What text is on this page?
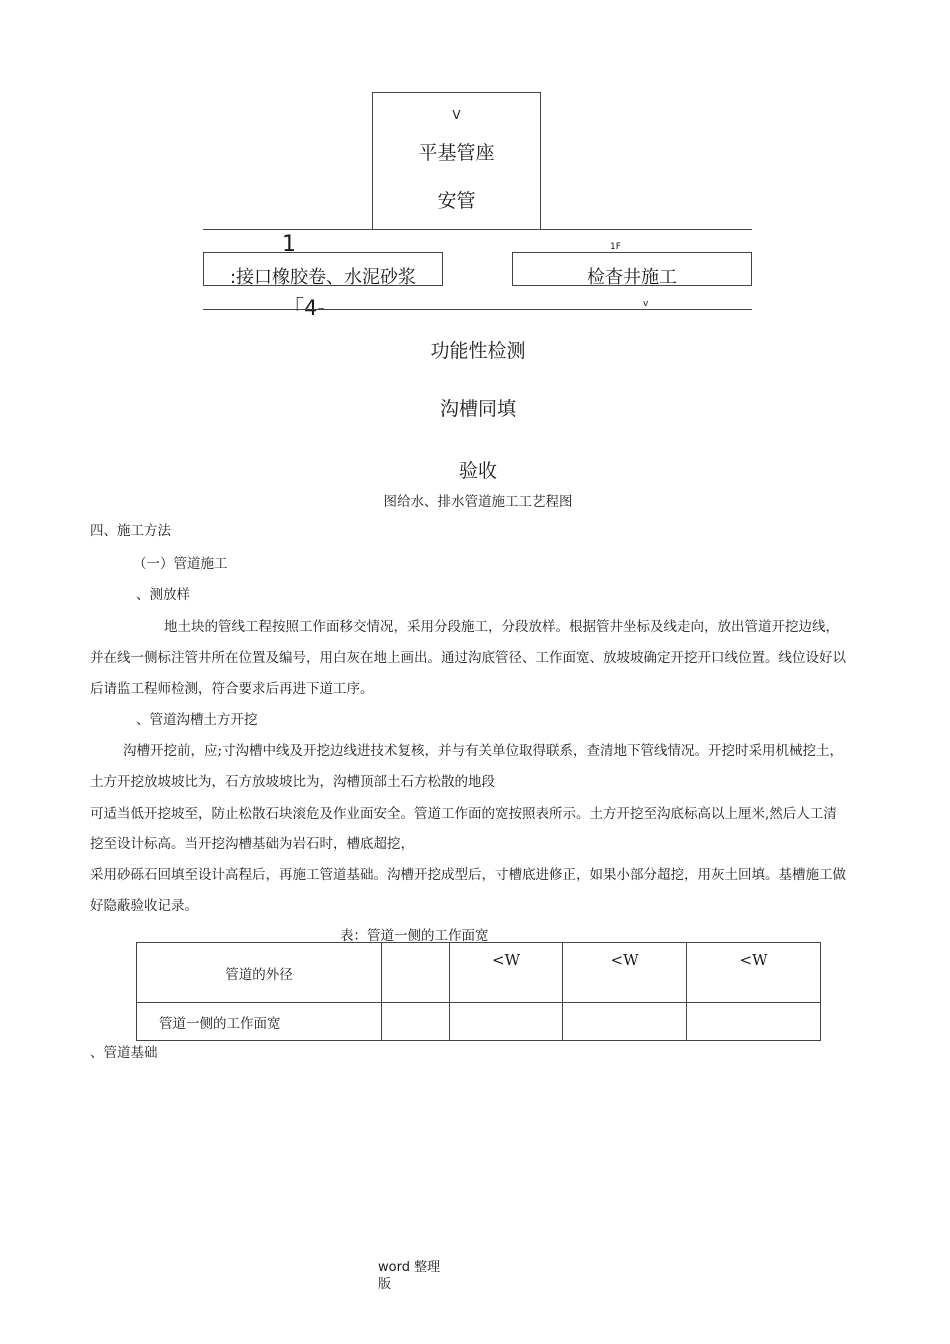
V
平基管座
安管
1	1F
:接口橡胶卷、水泥砂浆	检杳井施工
「4-	v
功能性检测
沟槽同填
验收
图给水、排水管道施工工艺程图
四、施工方法
（一）管道施工
、测放样
地土块的管线工程按照工作面移交情况，采用分段施工，分段放样。根据管井坐标及线走向，放出管道开挖边线，
并在线一侧标注管井所在位置及编号，用白灰在地上画出。通过沟底管径、工作面宽、放坡坡确定开挖开口线位置。线位设好以
后请监工程师检测，符合要求后再进下道工序。
、管道沟槽土方开挖
沟槽开挖前，应;寸沟槽中线及开挖边线进技术复核，并与有关单位取得联系，查清地下管线情况。开挖时采用机械挖土，
土方开挖放坡坡比为，石方放坡坡比为，沟槽顶部土石方松散的地段
可适当低开挖坡至，防止松散石块滚危及作业面安全。管道工作面的宽按照表所示。土方开挖至沟底标高以上厘米,然后人工清
挖至设计标高。当开挖沟槽基础为岩石时，槽底超挖，
采用砂砾石回填至设计高程后，再施工管道基础。沟槽开挖成型后，寸槽底进修正，如果小部分超挖，用灰土回填。基槽施工做
好隐蔽验收记录。
表：管道一侧的工作面宽
管道的外径		<W	<W	<W
管道一侧的工作面宽				
、管道基础
word 整理
版
